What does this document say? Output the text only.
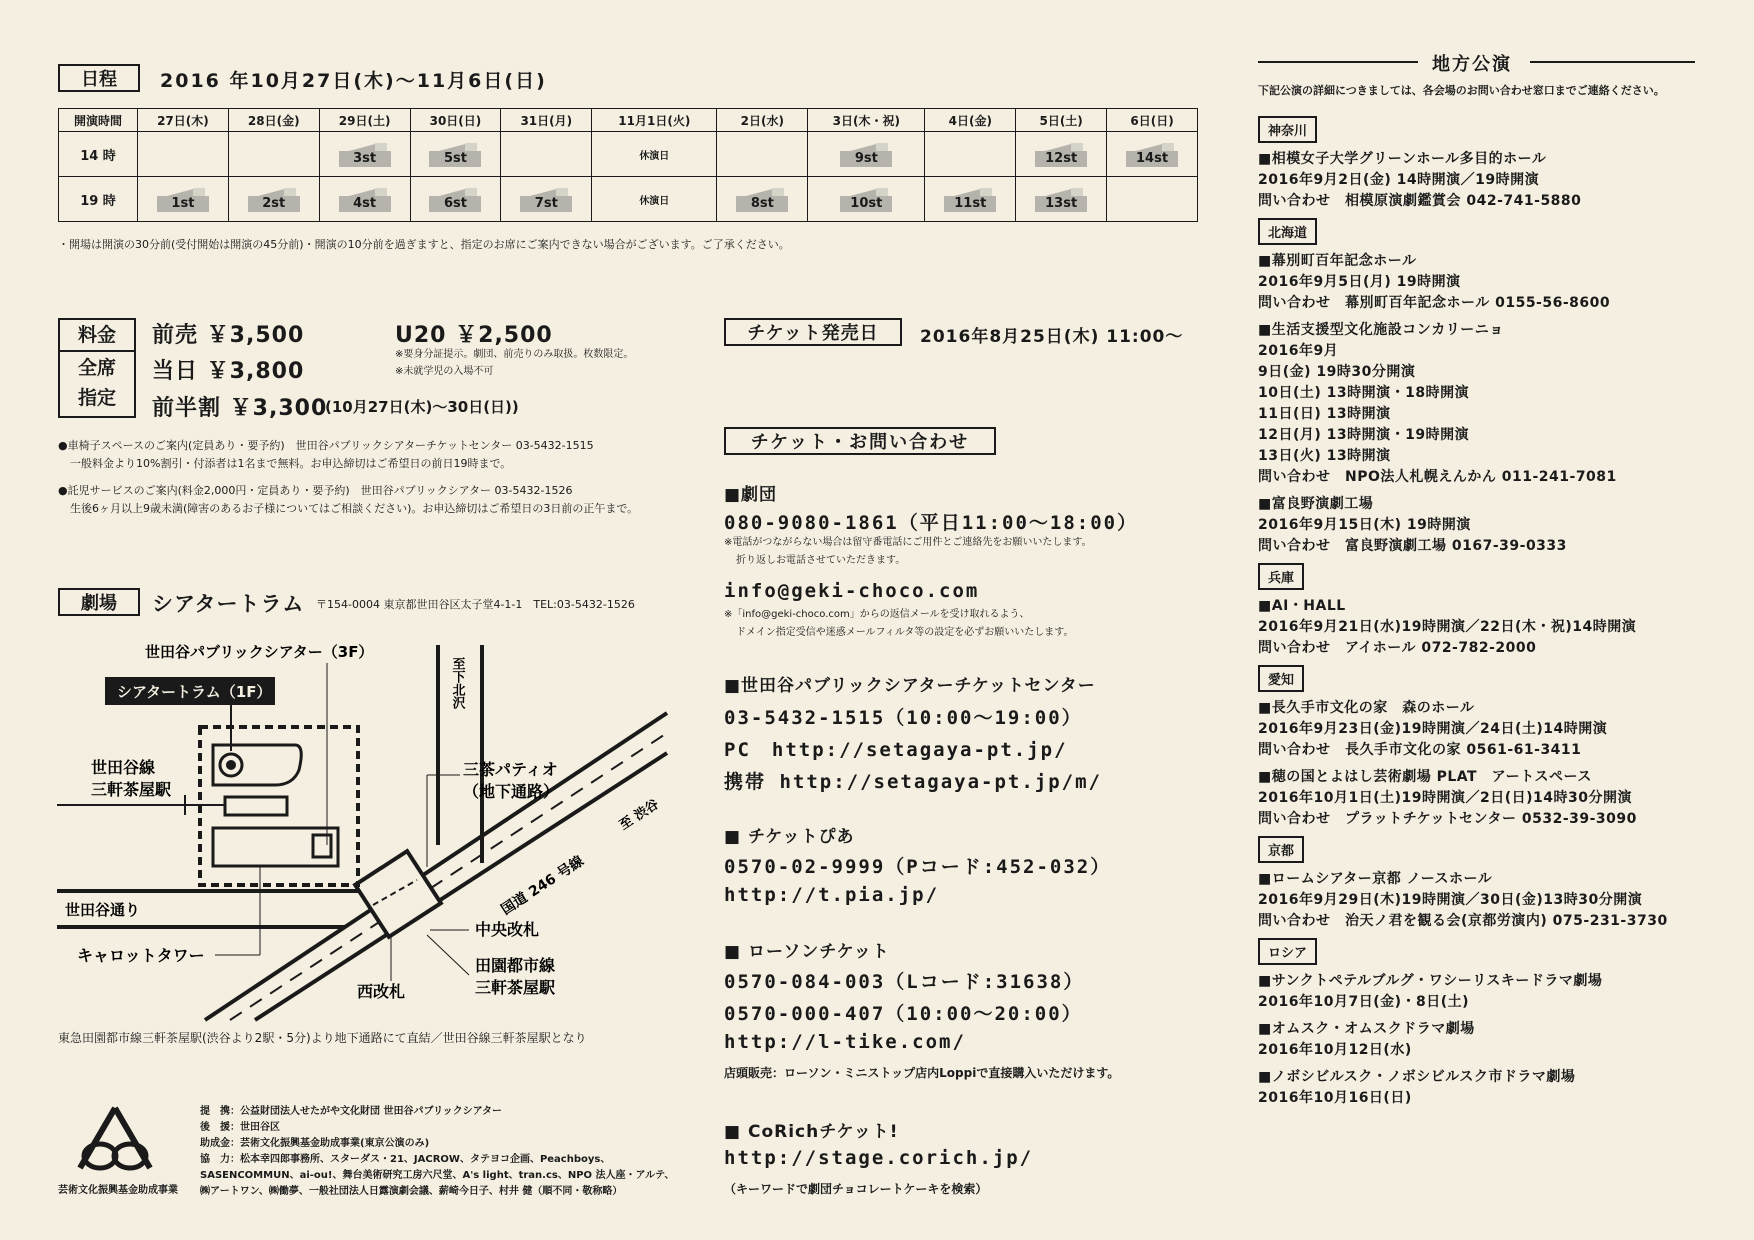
日程	2016 年10月27日(木)～11月6日(日)
開演時間	27日(木)	28日(金)	29日(土)	30日(日)	31日(月)	11月1日(火)	2日(水)	3日(木・祝)	4日(金)	5日(土)	6日(日)
14 時			3st	5st		休演日		9st		12st	14st

19 時	1st	2st	4st	6st	7st	休演日	8st	10st	11st	13st	

・開場は開演の30分前(受付開始は開演の45分前)・開演の10分前を過ぎますと、指定のお席にご案内できない場合がございます。ご了承ください。
料金
全席
指定
前売 ￥3,500	U20 ￥2,500
※要身分証提示。劇団、前売りのみ取扱。枚数限定。
※未就学児の入場不可
当日 ￥3,800
前半割 ￥3,300
(10月27日(木)～30日(日))
●車椅子スペースのご案内(定員あり・要予約)　世田谷パブリックシアターチケットセンター 03-5432-1515
一般料金より10%割引・付添者は1名まで無料。お申込締切はご希望日の前日19時まで。
●託児サービスのご案内(料金2,000円・定員あり・要予約)　世田谷パブリックシアター 03-5432-1526
生後6ヶ月以上9歳未満(障害のあるお子様についてはご相談ください)。お申込締切はご希望日の3日前の正午まで。
劇場	シアタートラム 〒154-0004 東京都世田谷区太子堂4-1-1　TEL:03-5432-1526
シアタートラム（1F）
世田谷パブリックシアター（3F）
至下北沢
世田谷線
三軒茶屋駅
三茶パティオ
（地下通路）
至 渋谷
国道 246 号線
世田谷通り
キャロットタワー
中央改札
西改札
田園都市線
三軒茶屋駅
東急田園都市線三軒茶屋駅(渋谷より2駅・5分)より地下通路にて直結／世田谷線三軒茶屋駅となり
芸術文化振興基金助成事業
提　携：公益財団法人せたがや文化財団 世田谷パブリックシアター
後　援：世田谷区
助成金：芸術文化振興基金助成事業(東京公演のみ)
協　力：松本幸四郎事務所、スターダス・21、JACROW、タテヨコ企画、Peachboys、
SASENCOMMUN、ai-ou!、舞台美術研究工房六尺堂、A's light、tran.cs、NPO 法人座・アルテ、
㈱アートワン、㈱働夢、一般社団法人日露演劇会議、薪崎今日子、村井 健（順不同・敬称略）
チケット発売日	2016年8月25日(木) 11:00～
チケット・お問い合わせ
■劇団
080-9080-1861（平日11:00～18:00）
※電話がつながらない場合は留守番電話にご用件とご連絡先をお願いいたします。
折り返しお電話させていただきます。
info@geki-choco.com
※「info@geki-choco.com」からの返信メールを受け取れるよう、
ドメイン指定受信や迷惑メールフィルタ等の設定を必ずお願いいたします。
■世田谷パブリックシアターチケットセンター
03-5432-1515（10:00～19:00）
PC　http://setagaya-pt.jp/
携帯 http://setagaya-pt.jp/m/
■ チケットぴあ
0570-02-9999（Pコード:452-032）
http://t.pia.jp/
■ ローソンチケット
0570-084-003（Lコード:31638）
0570-000-407（10:00～20:00）
http://l-tike.com/
店頭販売：ローソン・ミニストップ店内Loppiで直接購入いただけます。
■ CoRichチケット!
http://stage.corich.jp/
（キーワードで劇団チョコレートケーキを検索）
地方公演
下記公演の詳細につきましては、各会場のお問い合わせ窓口までご連絡ください。
神奈川
■相模女子大学グリーンホール多目的ホール
2016年9月2日(金) 14時開演／19時開演
問い合わせ　相模原演劇鑑賞会 042-741-5880
北海道
■幕別町百年記念ホール
2016年9月5日(月) 19時開演
問い合わせ　幕別町百年記念ホール 0155-56-8600
■生活支援型文化施設コンカリーニョ
2016年9月
9日(金) 19時30分開演
10日(土) 13時開演・18時開演
11日(日) 13時開演
12日(月) 13時開演・19時開演
13日(火) 13時開演
問い合わせ　NPO法人札幌えんかん 011-241-7081
■富良野演劇工場
2016年9月15日(木) 19時開演
問い合わせ　富良野演劇工場 0167-39-0333
兵庫
■AI・HALL
2016年9月21日(水)19時開演／22日(木・祝)14時開演
問い合わせ　アイホール 072-782-2000
愛知
■長久手市文化の家　森のホール
2016年9月23日(金)19時開演／24日(土)14時開演
問い合わせ　長久手市文化の家 0561-61-3411
■穂の国とよはし芸術劇場 PLAT　アートスペース
2016年10月1日(土)19時開演／2日(日)14時30分開演
問い合わせ　プラットチケットセンター 0532-39-3090
京都
■ロームシアター京都 ノースホール
2016年9月29日(木)19時開演／30日(金)13時30分開演
問い合わせ　治天ノ君を観る会(京都労演内) 075-231-3730
ロシア
■サンクトペテルブルグ・ワシーリスキードラマ劇場
2016年10月7日(金)・8日(土)
■オムスク・オムスクドラマ劇場
2016年10月12日(水)
■ノボシビルスク・ノボシビルスク市ドラマ劇場
2016年10月16日(日)
